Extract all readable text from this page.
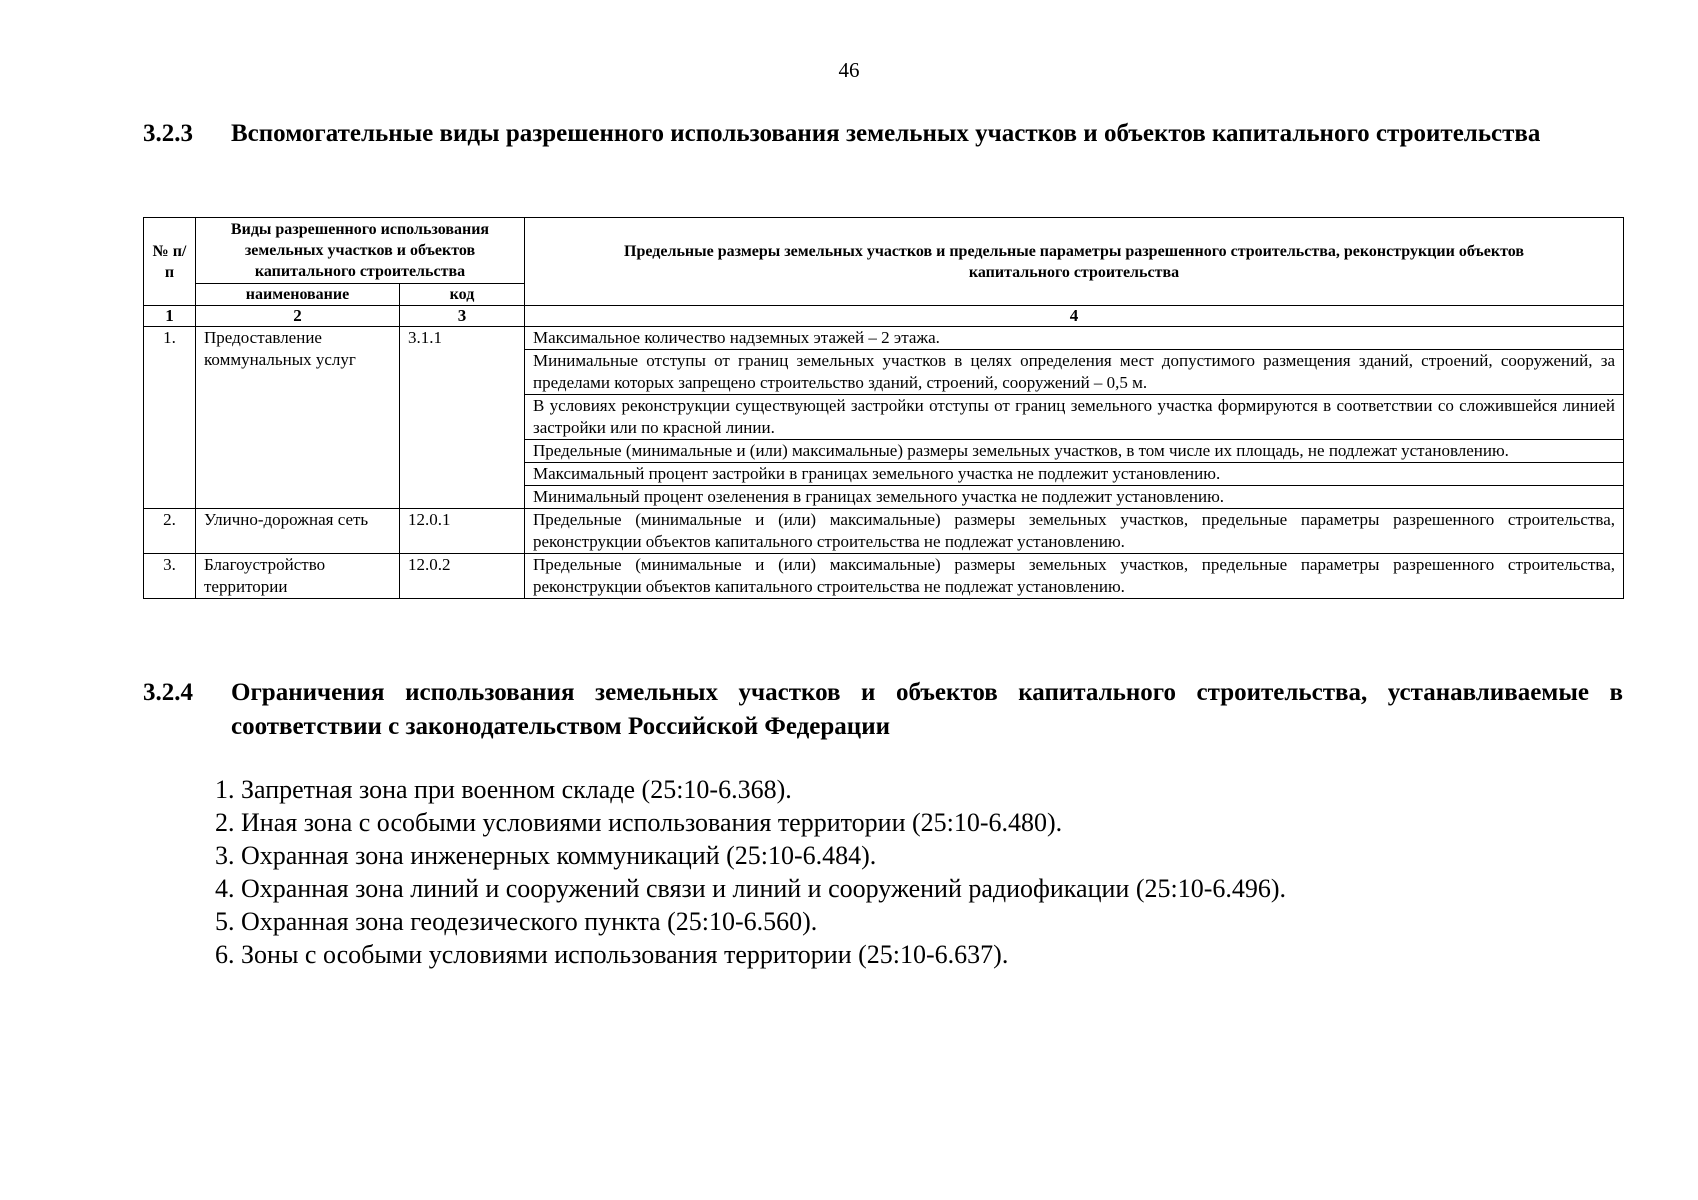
46
3.2.3	Вспомогательные виды разрешенного использования земельных участков и объектов капитального строительства
№ п/п	Виды разрешенного использования земельных участков и объектов капитального строительства		Предельные размеры земельных участков и предельные параметры разрешенного строительства, реконструкции объектов капитального строительства
	наименование	код	
1	2	3	4
1.	Предоставление коммунальных услуг	3.1.1	Максимальное количество надземных этажей – 2 этажа.
			Минимальные отступы от границ земельных участков в целях определения мест допустимого размещения зданий, строений, сооружений, за пределами которых запрещено строительство зданий, строений, сооружений – 0,5 м.
			В условиях реконструкции существующей застройки отступы от границ земельного участка формируются в соответствии со сложившейся линией застройки или по красной линии.
			Предельные (минимальные и (или) максимальные) размеры земельных участков, в том числе их площадь, не подлежат установлению.
			Максимальный процент застройки в границах земельного участка не подлежит установлению.
			Минимальный процент озеленения в границах земельного участка не подлежит установлению.
2.	Улично-дорожная сеть	12.0.1	Предельные (минимальные и (или) максимальные) размеры земельных участков, предельные параметры разрешенного строительства, реконструкции объектов капитального строительства не подлежат установлению.
3.	Благоустройство территории	12.0.2	Предельные (минимальные и (или) максимальные) размеры земельных участков, предельные параметры разрешенного строительства, реконструкции объектов капитального строительства не подлежат установлению.
3.2.4	Ограничения использования земельных участков и объектов капитального строительства, устанавливаемые в соответствии с законодательством Российской Федерации
1. Запретная зона при военном складе (25:10-6.368).
2. Иная зона с особыми условиями использования территории (25:10-6.480).
3. Охранная зона инженерных коммуникаций (25:10-6.484).
4. Охранная зона линий и сооружений связи и линий и сооружений радиофикации (25:10-6.496).
5. Охранная зона геодезического пункта (25:10-6.560).
6. Зоны с особыми условиями использования территории (25:10-6.637).
